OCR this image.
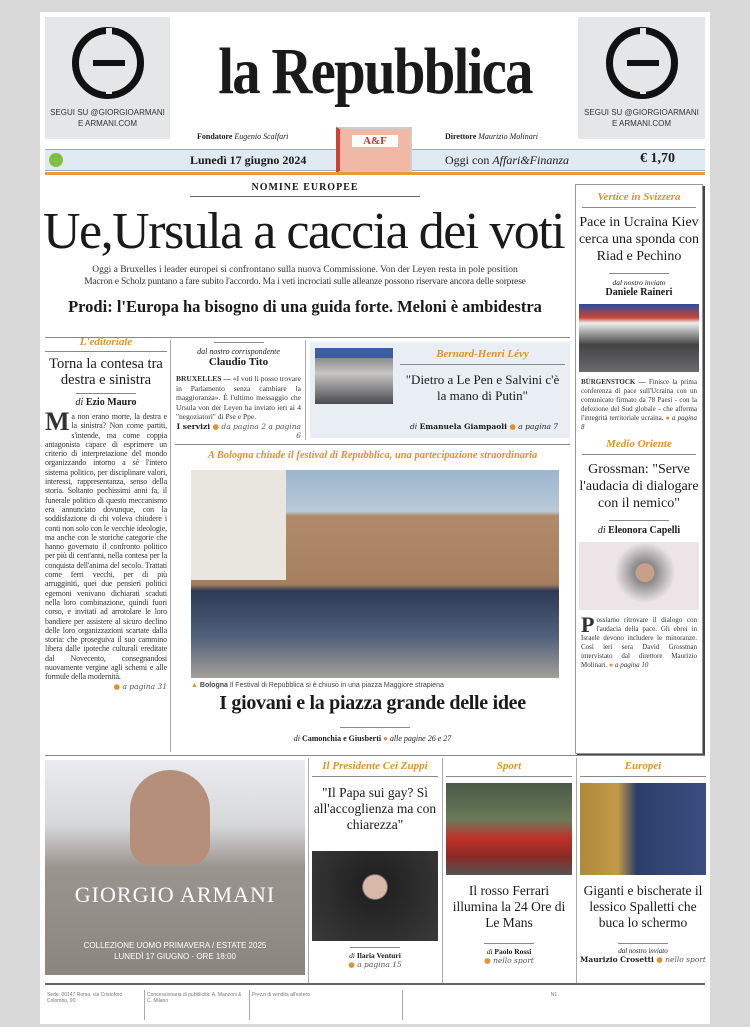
SEGUI SU @GIORGIOARMANI
E ARMANI.COM
SEGUI SU @GIORGIOARMANI
E ARMANI.COM
la Repubblica
Fondatore Eugenio Scalfari	Direttore Maurizio Molinari
Lunedì 17 giugno 2024
A&F
Oggi con Affari&Finanza	€ 1,70
NOMINE EUROPEE
Ue,Ursula a caccia dei voti
Oggi a Bruxelles i leader europei si confrontano sulla nuova Commissione. Von der Leyen resta in pole position
Macron e Scholz puntano a fare subito l'accordo. Ma i veti incrociati sulle alleanze possono riservare ancora delle sorprese
Prodi: l'Europa ha bisogno di una guida forte. Meloni è ambidestra
L'editoriale
Torna la contesa tra destra e sinistra
di Ezio Mauro
Ma non erano morte, la destra e la sinistra? Non come partiti, s'intende, ma come coppia antagonista capace di esprimere un criterio di interpretazione del mondo organizzando intorno a sé l'intero sistema politico, per disciplinare valori, interessi, rappresentanza, senso della storia. Soltanto pochissimi anni fa, il funerale politico di questo meccanismo era annunciato dovunque, con la soddisfazione di chi voleva chiudere i conti non solo con le vecchie ideologie, ma anche con le storiche categorie che hanno governato il confronto politico per più di cent'anni, nella contesa per la conquista dell'anima del secolo. Trattati come ferri vecchi, per di più arrugginiti, quei due pensieri politici egemoni venivano dichiarati scaduti nella loro combinazione, quindi fuori corso, e invitati ad arrotolare le loro bandiere per assistere al sicuro declino delle loro organizzazioni scartate dalla storia: che proseguiva il suo cammino libera dalle ipoteche culturali ereditate dal Novecento, consegnandosi nuovamente vergine agli schemi e alle formule della modernità.
● a pagina 31
dal nostro corrispondente
Claudio Tito
BRUXELLES — «I voti li posso trovare in Parlamento senza cambiare la maggioranza». È l'ultimo messaggio che Ursula von der Leyen ha inviato ieri ai 4 "negoziatori" di Pse e Ppe.
I servizi ● da pagina 2 a pagina 6
Bernard-Henri Lévy
"Dietro a Le Pen e Salvini c'è la mano di Putin"
di Emanuela Giampaoli ● a pagina 7
A Bologna chiude il festival di Repubblica, una partecipazione straordinaria
▲ Bologna Il Festival di Repubblica si è chiuso in una piazza Maggiore strapiena
I giovani e la piazza grande delle idee
di Camonchia e Giusberti ● alle pagine 26 e 27
Vertice in Svizzera
Pace in Ucraina Kiev cerca una sponda con Riad e Pechino
dal nostro inviato
Daniele Raineri
BÜRGENSTOCK — Finisce la prima conferenza di pace sull'Ucraina con un comunicato firmato da 78 Paesi - con la defezione del Sud globale - che afferma l'integrità territoriale ucraina. ● a pagina 8
Medio Oriente
Grossman: "Serve l'audacia di dialogare con il nemico"
di Eleonora Capelli
Possiamo ritrovare il dialogo con l'audacia della pace. Gli ebrei in Israele devono includere le minoranze. Così ieri sera David Grossman intervistato dal direttore Maurizio Molinari. ● a pagina 10
GIORGIO ARMANI
COLLEZIONE UOMO PRIMAVERA / ESTATE 2025
LUNEDÌ 17 GIUGNO · ORE 18:00
Il Presidente Cei Zuppi
"Il Papa sui gay? Sì all'accoglienza ma con chiarezza"
di Ilaria Venturi
● a pagina 15
Sport
Il rosso Ferrari illumina la 24 Ore di Le Mans
di Paolo Rossi
● nello sport
Europei
Giganti e bischerate il lessico Spalletti che buca lo schermo
dal nostro inviato
Maurizio Crosetti ● nello sport
Sede: 00147 Roma, via Cristoforo Colombo, 90
Concessionaria di pubblicità: A. Manzoni & C. Milano
Prezzi di vendita all'estero	N1
